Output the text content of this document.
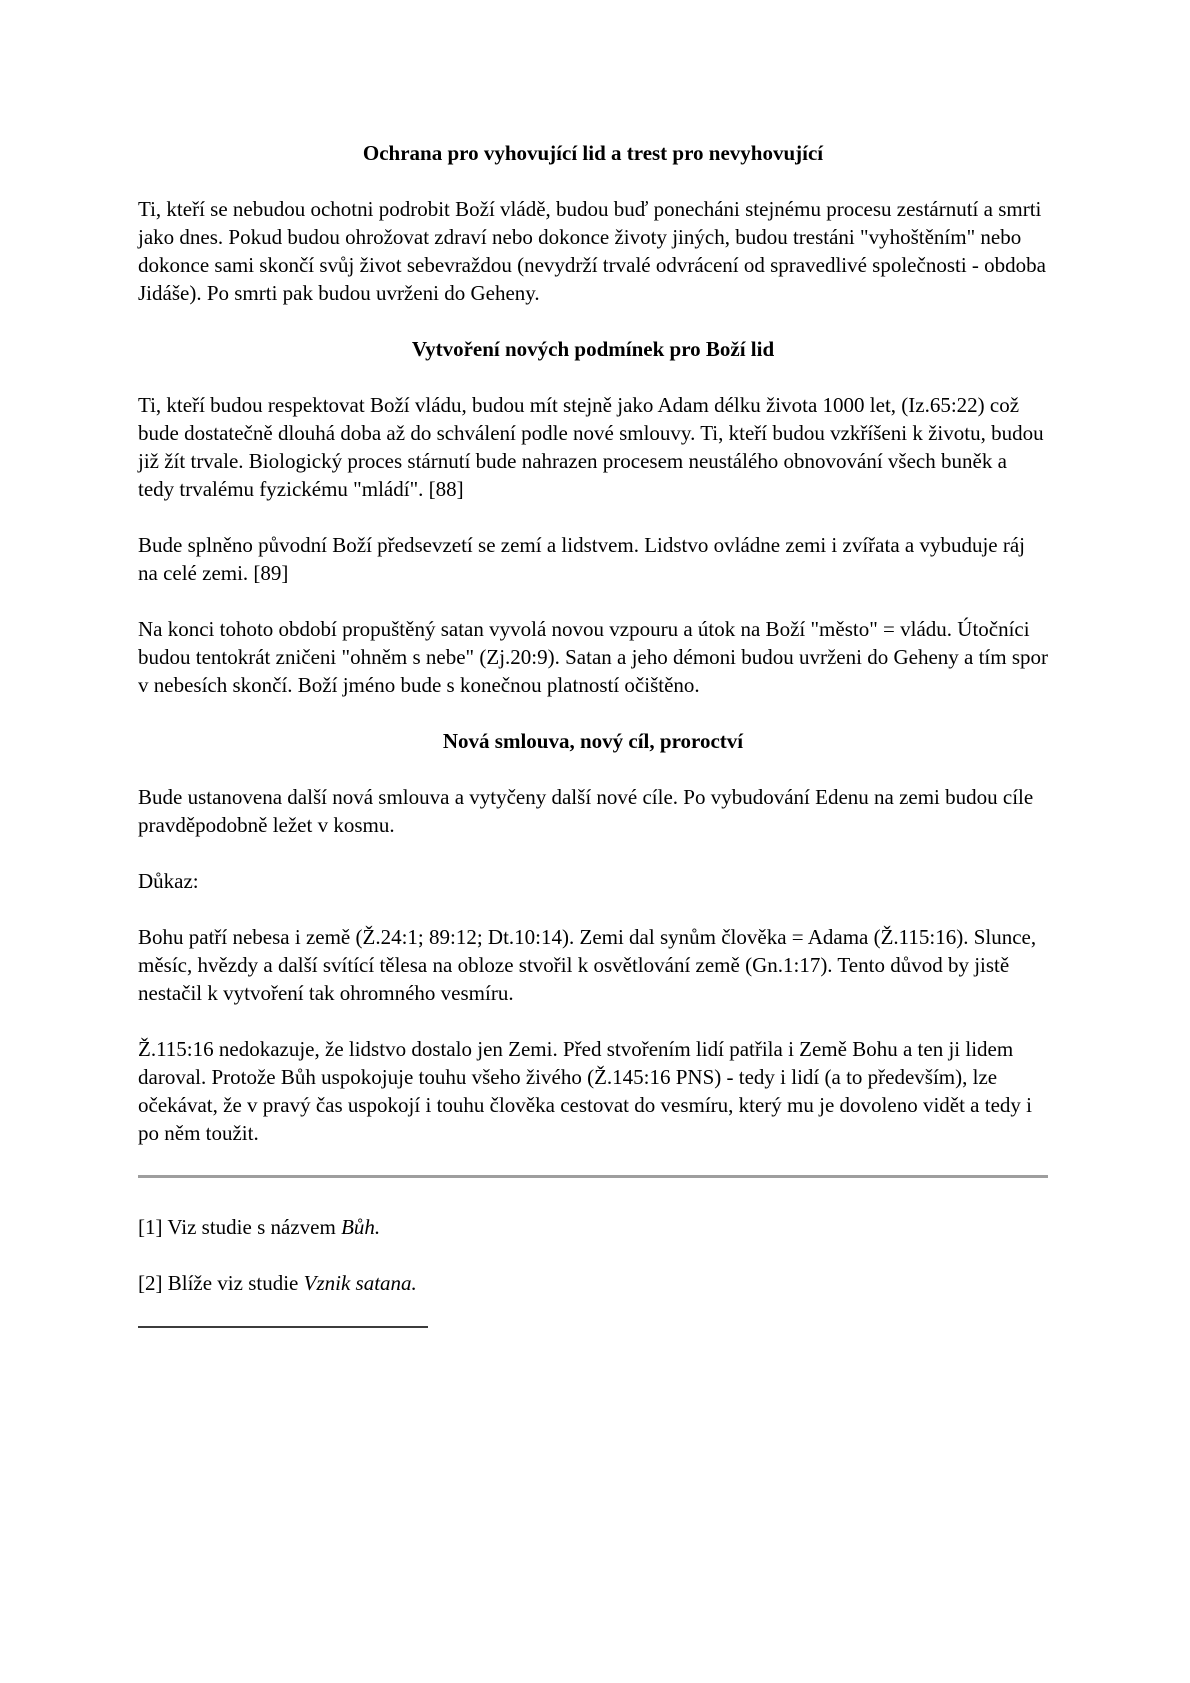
Ochrana pro vyhovující lid a trest pro nevyhovující

Ti, kteří se nebudou ochotni podrobit Boží vládě, budou buď ponecháni stejnému procesu zestárnutí a smrti jako dnes. Pokud budou ohrožovat zdraví nebo dokonce životy jiných, budou trestáni "vyhoštěním" nebo dokonce sami skončí svůj život sebevraždou (nevydrží trvalé odvrácení od spravedlivé společnosti - obdoba Jidáše). Po smrti pak budou uvrženi do Geheny.

Vytvoření nových podmínek pro Boží lid

Ti, kteří budou respektovat Boží vládu, budou mít stejně jako Adam délku života 1000 let, (Iz.65:22) což bude dostatečně dlouhá doba až do schválení podle nové smlouvy. Ti, kteří budou vzkříšeni k životu, budou již žít trvale. Biologický proces stárnutí bude nahrazen procesem neustálého obnovování všech buněk a tedy trvalému fyzickému "mládí". [88]

Bude splněno původní Boží předsevzetí se zemí a lidstvem. Lidstvo ovládne zemi i zvířata a vybuduje ráj na celé zemi. [89]

Na konci tohoto období propuštěný satan vyvolá novou vzpouru a útok na Boží "město" = vládu. Útočníci budou tentokrát zničeni "ohněm s nebe" (Zj.20:9). Satan a jeho démoni budou uvrženi do Geheny a tím spor v nebesích skončí. Boží jméno bude s konečnou platností očištěno.

Nová smlouva, nový cíl, proroctví

Bude ustanovena další nová smlouva a vytyčeny další nové cíle. Po vybudování Edenu na zemi budou cíle pravděpodobně ležet v kosmu.

Důkaz:

Bohu patří nebesa i země (Ž.24:1; 89:12; Dt.10:14). Zemi dal synům člověka = Adama (Ž.115:16). Slunce, měsíc, hvězdy a další svítící tělesa na obloze stvořil k osvětlování země (Gn.1:17). Tento důvod by jistě nestačil k vytvoření tak ohromného vesmíru.

Ž.115:16 nedokazuje, že lidstvo dostalo jen Zemi. Před stvořením lidí patřila i Země Bohu a ten ji lidem daroval. Protože Bůh uspokojuje touhu všeho živého (Ž.145:16 PNS) - tedy i lidí (a to především), lze očekávat, že v pravý čas uspokojí i touhu člověka cestovat do vesmíru, který mu je dovoleno vidět a tedy i po něm toužit.

[1] Viz studie s názvem Bůh.

[2] Blíže viz studie Vznik satana.
